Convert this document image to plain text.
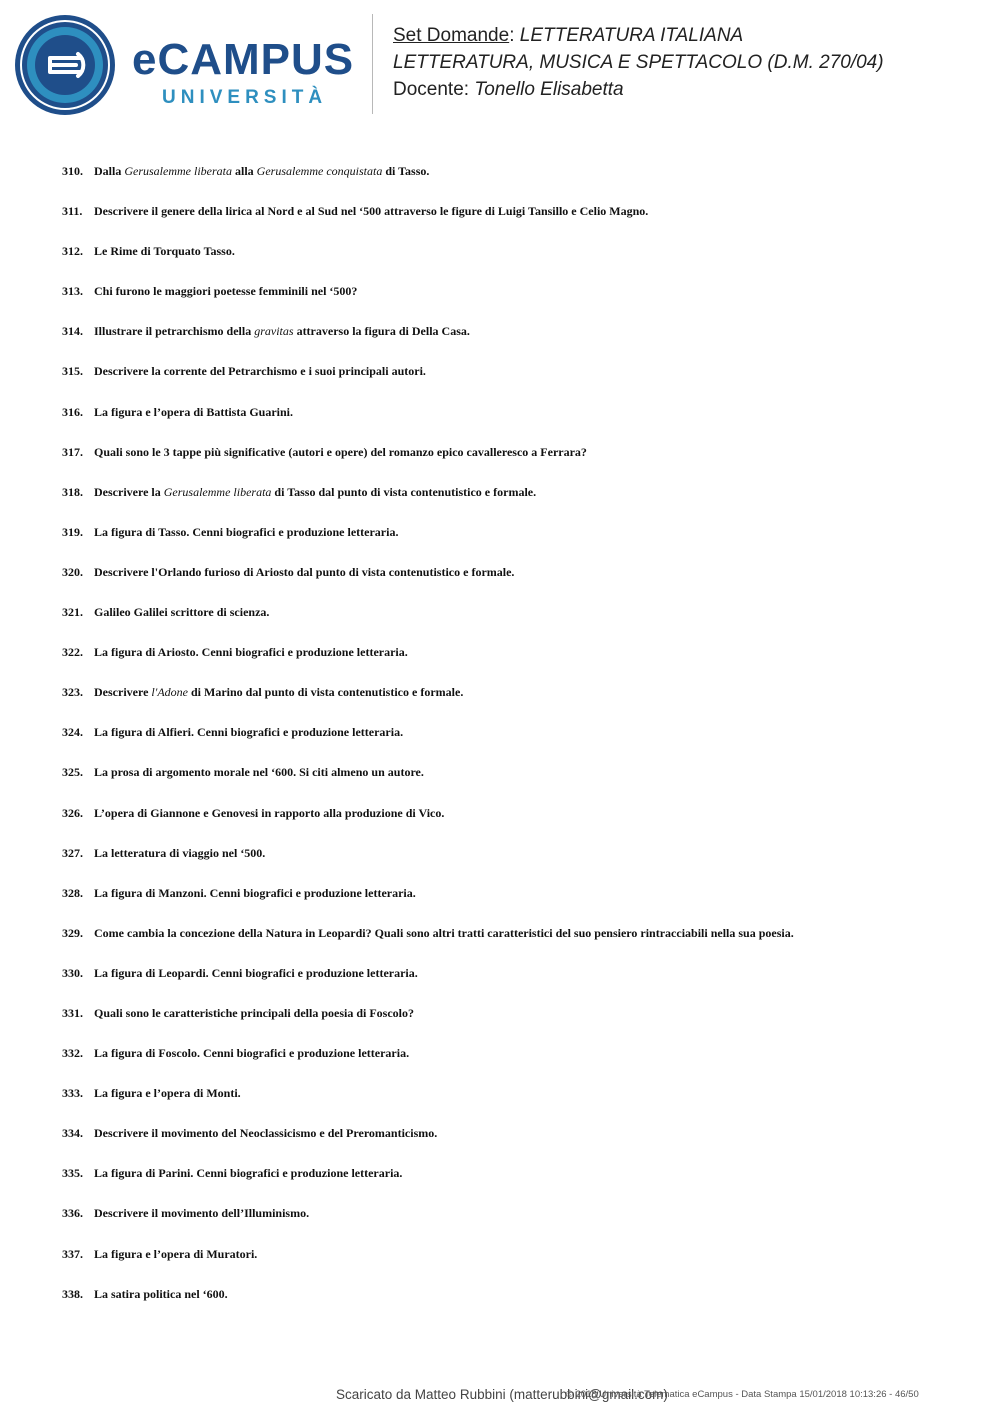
eCAMPUS
UNIVERSITÀ
Set Domande: LETTERATURA ITALIANA
LETTERATURA, MUSICA E SPETTACOLO (D.M. 270/04)
Docente: Tonello Elisabetta
310. Dalla Gerusalemme liberata alla Gerusalemme conquistata di Tasso.
311. Descrivere il genere della lirica al Nord e al Sud nel ‘500 attraverso le figure di Luigi Tansillo e Celio Magno.
312. Le Rime di Torquato Tasso.
313. Chi furono le maggiori poetesse femminili nel ‘500?
314. Illustrare il petrarchismo della gravitas attraverso la figura di Della Casa.
315. Descrivere la corrente del Petrarchismo e i suoi principali autori.
316. La figura e l’opera di Battista Guarini.
317. Quali sono le 3 tappe più significative (autori e opere) del romanzo epico cavalleresco a Ferrara?
318. Descrivere la Gerusalemme liberata di Tasso dal punto di vista contenutistico e formale.
319. La figura di Tasso. Cenni biografici e produzione letteraria.
320. Descrivere l'Orlando furioso di Ariosto dal punto di vista contenutistico e formale.
321. Galileo Galilei scrittore di scienza.
322. La figura di Ariosto. Cenni biografici e produzione letteraria.
323. Descrivere l'Adone di Marino dal punto di vista contenutistico e formale.
324. La figura di Alfieri. Cenni biografici e produzione letteraria.
325. La prosa di argomento morale nel ‘600. Si citi almeno un autore.
326. L’opera di Giannone e Genovesi in rapporto alla produzione di Vico.
327. La letteratura di viaggio nel ‘500.
328. La figura di Manzoni. Cenni biografici e produzione letteraria.
329. Come cambia la concezione della Natura in Leopardi? Quali sono altri tratti caratteristici del suo pensiero rintracciabili nella sua poesia.
330. La figura di Leopardi. Cenni biografici e produzione letteraria.
331. Quali sono le caratteristiche principali della poesia di Foscolo?
332. La figura di Foscolo. Cenni biografici e produzione letteraria.
333. La figura e l’opera di Monti.
334. Descrivere il movimento del Neoclassicismo e del Preromanticismo.
335. La figura di Parini. Cenni biografici e produzione letteraria.
336. Descrivere il movimento dell’Illuminismo.
337. La figura e l’opera di Muratori.
338. La satira politica nel ‘600.
Scaricato da Matteo Rubbini (matterubbini@gmail.com)
© 2018 Università Telematica eCampus - Data Stampa 15/01/2018 10:13:26 - 46/50
